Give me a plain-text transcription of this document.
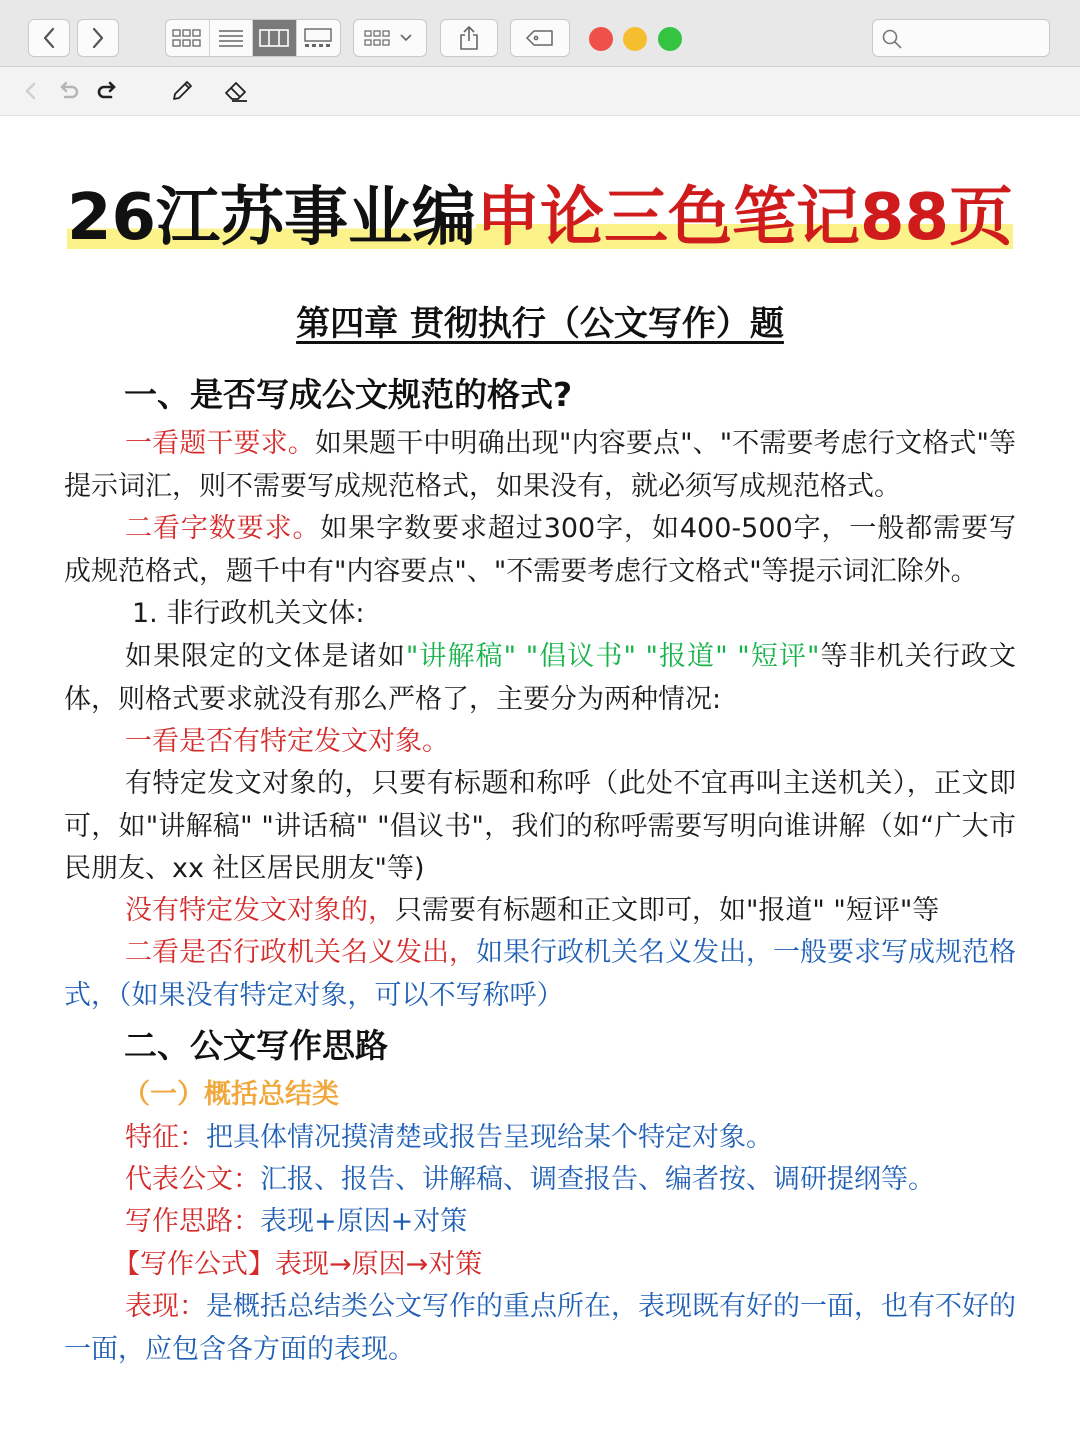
26江苏事业编申论三色笔记88页
第四章 贯彻执行（公文写作）题
一、是否写成公文规范的格式?
一看题干要求。如果题干中明确出现"内容要点"、"不需要考虑行文格式"等提示词汇，则不需要写成规范格式，如果没有，就必须写成规范格式。
二看字数要求。如果字数要求超过300字，如400-500字，一般都需要写成规范格式，题千中有"内容要点"、"不需要考虑行文格式"等提示词汇除外。
1. 非行政机关文体:
如果限定的文体是诸如"讲解稿" "倡议书" "报道" "短评"等非机关行政文体，则格式要求就没有那么严格了，主要分为两种情况:
一看是否有特定发文对象。
有特定发文对象的，只要有标题和称呼（此处不宜再叫主送机关），正文即可，如"讲解稿" "讲话稿" "倡议书"，我们的称呼需要写明向谁讲解（如“广大市民朋友、xx 社区居民朋友"等)
没有特定发文对象的，只需要有标题和正文即可，如"报道" "短评"等
二看是否行政机关名义发出，如果行政机关名义发出，一般要求写成规范格式，（如果没有特定对象，可以不写称呼）
二、公文写作思路
（一）概括总结类
特征：把具体情况摸清楚或报告呈现给某个特定对象。
代表公文：汇报、报告、讲解稿、调查报告、编者按、调研提纲等。
写作思路：表现+原因+对策
【写作公式】表现→原因→对策
表现：是概括总结类公文写作的重点所在，表现既有好的一面，也有不好的一面，应包含各方面的表现。
